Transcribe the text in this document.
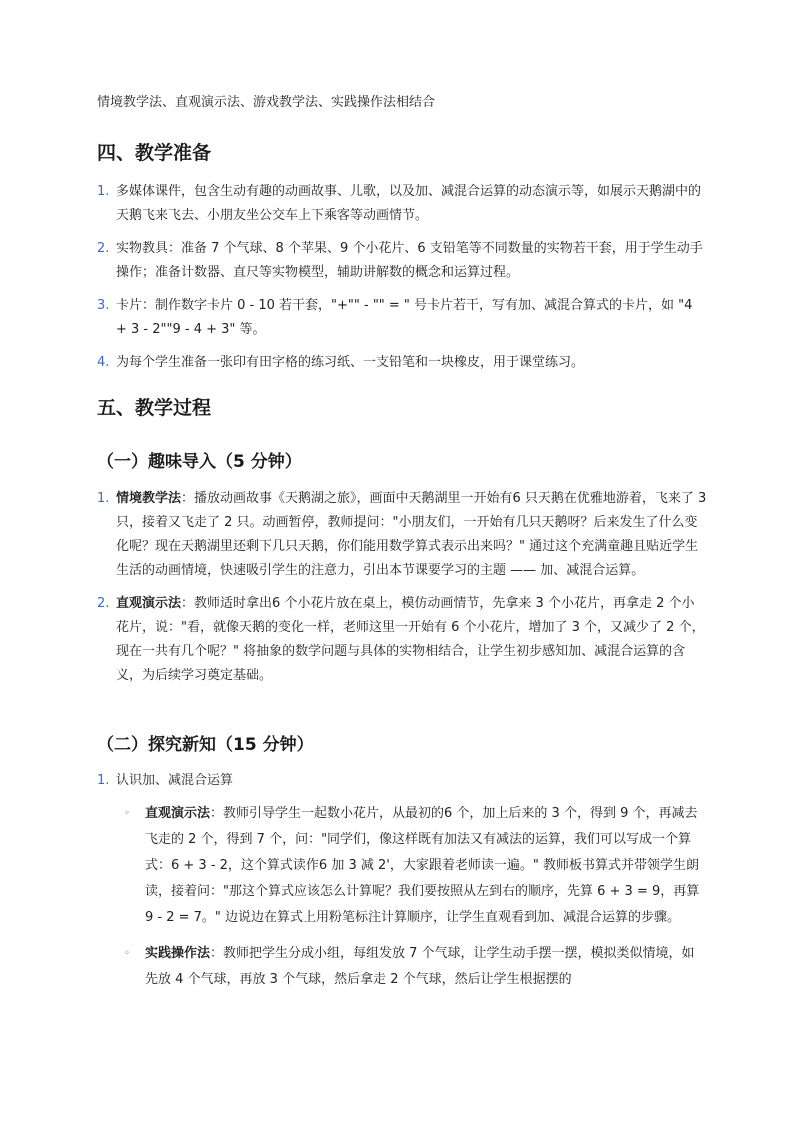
情境教学法、直观演示法、游戏教学法、实践操作法相结合
四、教学准备
1. 多媒体课件，包含生动有趣的动画故事、儿歌，以及加、减混合运算的动态演示等，如展示天鹅湖中的天鹅飞来飞去、小朋友坐公交车上下乘客等动画情节。
2. 实物教具：准备 7 个气球、8 个苹果、9 个小花片、6 支铅笔等不同数量的实物若干套，用于学生动手操作；准备计数器、直尺等实物模型，辅助讲解数的概念和运算过程。
3. 卡片：制作数字卡片 0 - 10 若干套，"+"" - "" = " 号卡片若干，写有加、减混合算式的卡片，如 "4 + 3 - 2""9 - 4 + 3" 等。
4. 为每个学生准备一张印有田字格的练习纸、一支铅笔和一块橡皮，用于课堂练习。
五、教学过程
（一）趣味导入（5 分钟）
1. 情境教学法：播放动画故事《天鹅湖之旅》，画面中天鹅湖里一开始有6 只天鹅在优雅地游着，飞来了 3 只，接着又飞走了 2 只。动画暂停，教师提问："小朋友们，一开始有几只天鹅呀？后来发生了什么变化呢？现在天鹅湖里还剩下几只天鹅，你们能用数学算式表示出来吗？" 通过这个充满童趣且贴近学生生活的动画情境，快速吸引学生的注意力，引出本节课要学习的主题 —— 加、减混合运算。
2. 直观演示法：教师适时拿出6 个小花片放在桌上，模仿动画情节，先拿来 3 个小花片，再拿走 2 个小花片，说："看，就像天鹅的变化一样，老师这里一开始有 6 个小花片，增加了 3 个，又减少了 2 个，现在一共有几个呢？" 将抽象的数学问题与具体的实物相结合，让学生初步感知加、减混合运算的含义，为后续学习奠定基础。
（二）探究新知（15 分钟）
1. 认识加、减混合运算
◦ 直观演示法：教师引导学生一起数小花片，从最初的6 个，加上后来的 3 个，得到 9 个，再减去飞走的 2 个，得到 7 个，问："同学们，像这样既有加法又有减法的运算，我们可以写成一个算式：6 + 3 - 2，这个算式读作6 加 3 减 2'，大家跟着老师读一遍。" 教师板书算式并带领学生朗读，接着问："那这个算式应该怎么计算呢？我们要按照从左到右的顺序，先算 6 + 3 = 9，再算 9 - 2 = 7。" 边说边在算式上用粉笔标注计算顺序，让学生直观看到加、减混合运算的步骤。
◦ 实践操作法：教师把学生分成小组，每组发放 7 个气球，让学生动手摆一摆，模拟类似情境，如先放 4 个气球，再放 3 个气球，然后拿走 2 个气球，然后让学生根据摆的
